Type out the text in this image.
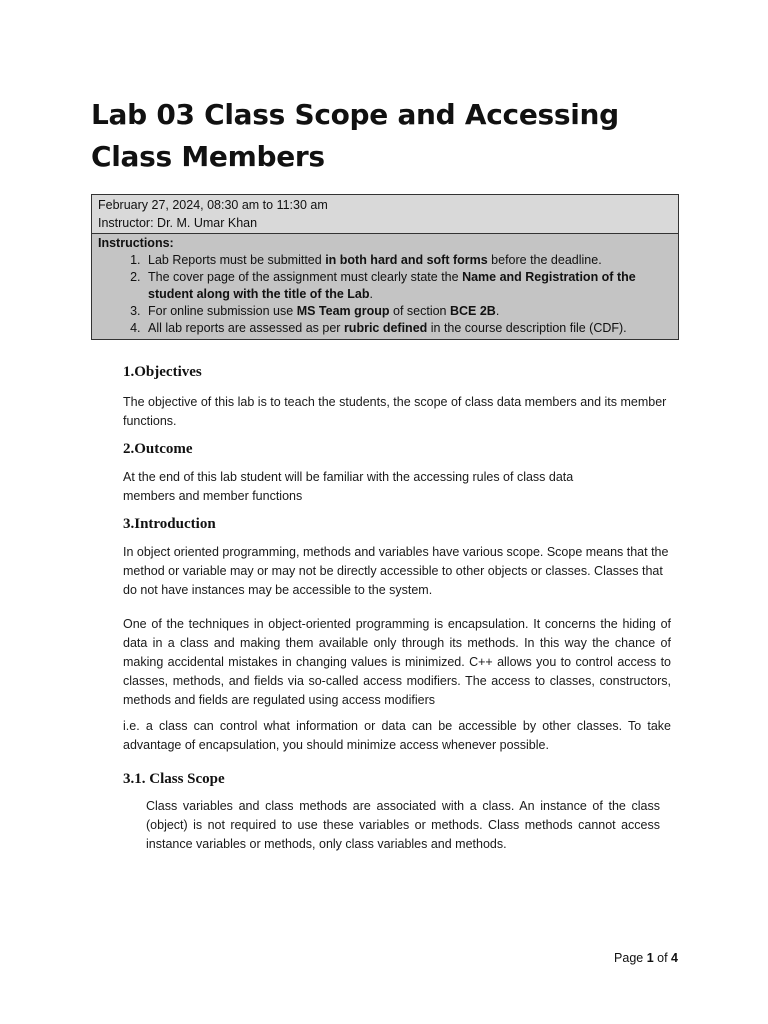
Lab 03 Class Scope and Accessing Class Members
February 27, 2024, 08:30 am to 11:30 am
Instructor: Dr. M. Umar Khan
Instructions:
1. Lab Reports must be submitted in both hard and soft forms before the deadline.
2. The cover page of the assignment must clearly state the Name and Registration of the student along with the title of the Lab.
3. For online submission use MS Team group of section BCE 2B.
4. All lab reports are assessed as per rubric defined in the course description file (CDF).
1.Objectives
The objective of this lab is to teach the students, the scope of class data members and its member functions.
2.Outcome
At the end of this lab student will be familiar with the accessing rules of class data
members and member functions
3.Introduction
In object oriented programming, methods and variables have various scope. Scope means that the method or variable may or may not be directly accessible to other objects or classes. Classes that do not have instances may be accessible to the system.
One of the techniques in object-oriented programming is encapsulation. It concerns the hiding of data in a class and making them available only through its methods. In this way the chance of making accidental mistakes in changing values is minimized. C++ allows you to control access to classes, methods, and fields via so-called access modifiers. The access to classes, constructors, methods and fields are regulated using access modifiers
i.e. a class can control what information or data can be accessible by other classes. To take advantage of encapsulation, you should minimize access whenever possible.
3.1. Class Scope
Class variables and class methods are associated with a class. An instance of the class (object) is not required to use these variables or methods. Class methods cannot access instance variables or methods, only class variables and methods.
Page 1 of 4
